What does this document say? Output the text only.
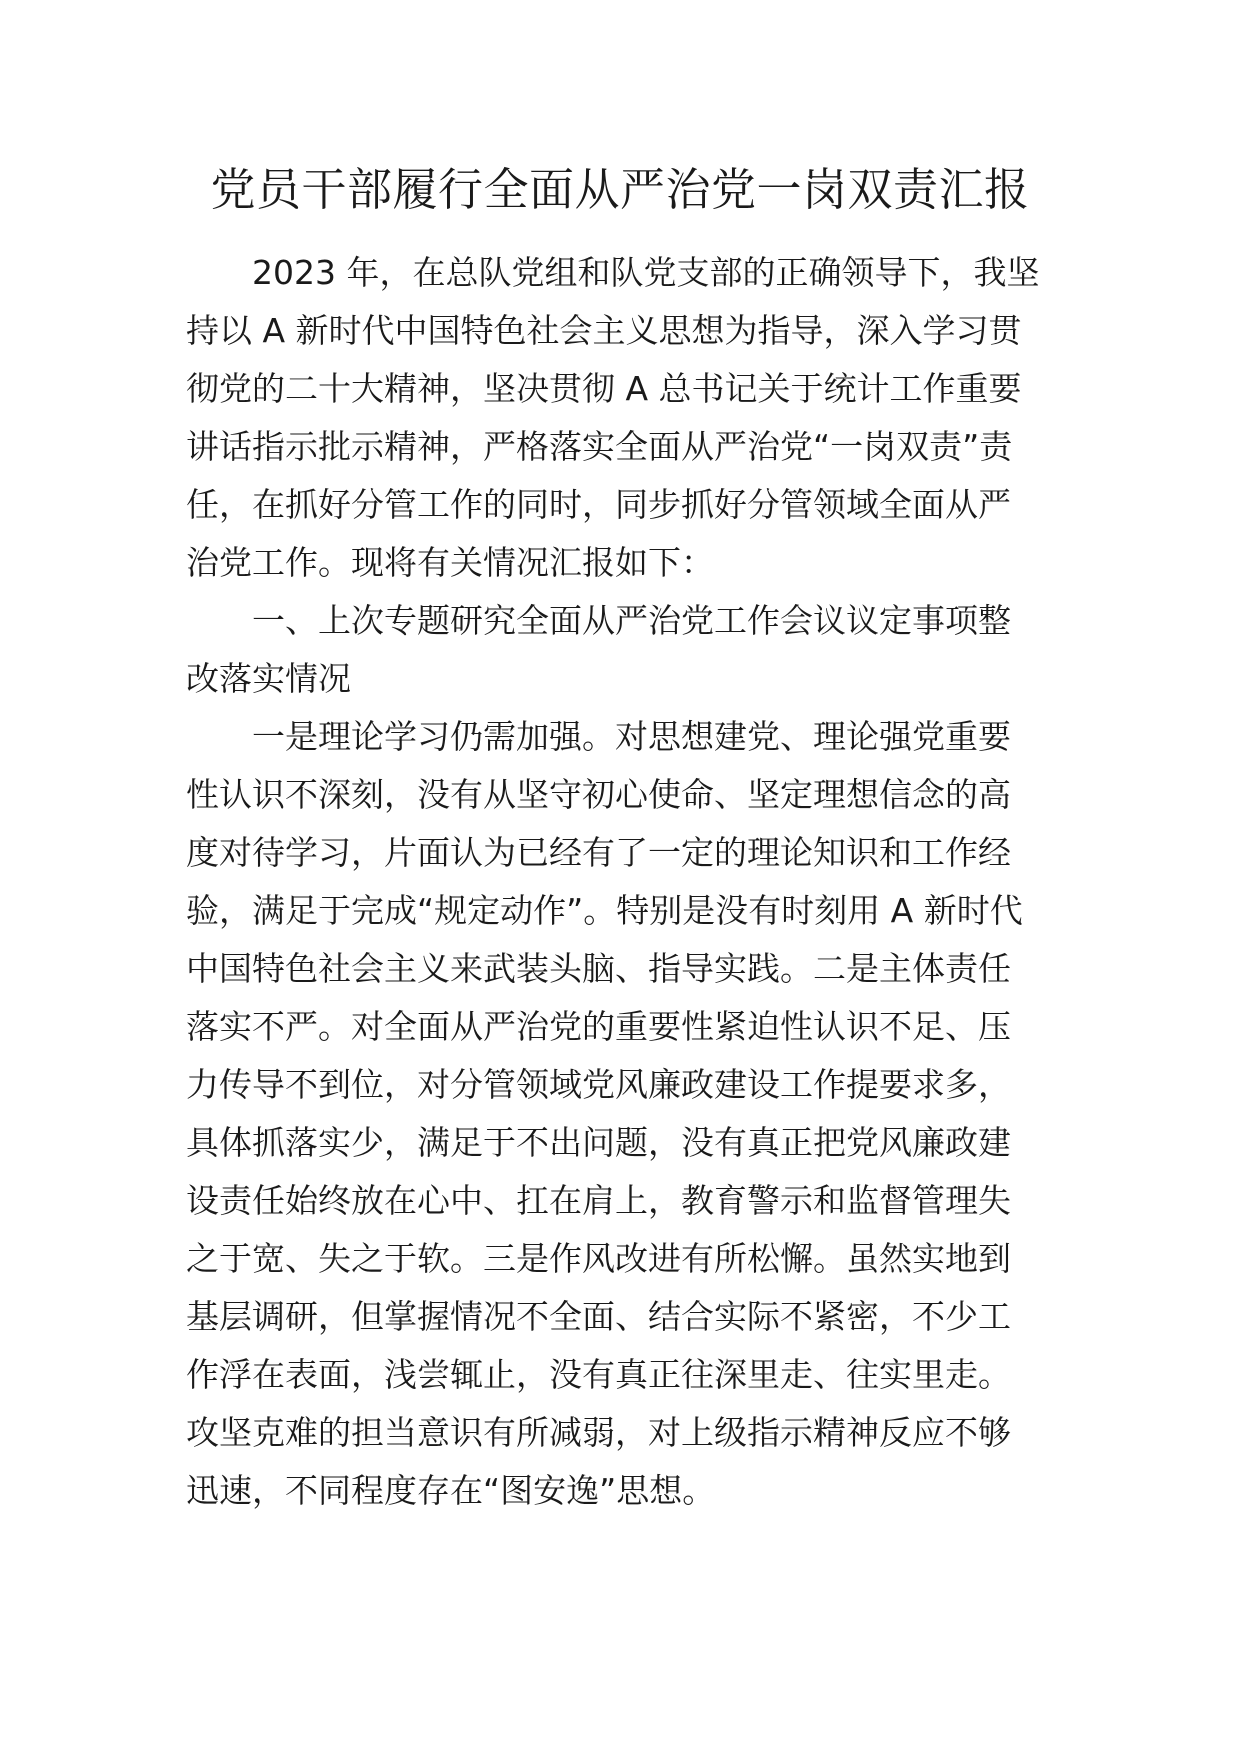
党员干部履行全面从严治党一岗双责汇报
2023 年，在总队党组和队党支部的正确领导下，我坚
持以 A 新时代中国特色社会主义思想为指导，深入学习贯
彻党的二十大精神，坚决贯彻 A 总书记关于统计工作重要
讲话指示批示精神，严格落实全面从严治党“一岗双责”责
任，在抓好分管工作的同时，同步抓好分管领域全面从严
治党工作。现将有关情况汇报如下：
一、上次专题研究全面从严治党工作会议议定事项整
改落实情况
一是理论学习仍需加强。对思想建党、理论强党重要
性认识不深刻，没有从坚守初心使命、坚定理想信念的高
度对待学习，片面认为已经有了一定的理论知识和工作经
验，满足于完成“规定动作”。特别是没有时刻用 A 新时代
中国特色社会主义来武装头脑、指导实践。二是主体责任
落实不严。对全面从严治党的重要性紧迫性认识不足、压
力传导不到位，对分管领域党风廉政建设工作提要求多，
具体抓落实少，满足于不出问题，没有真正把党风廉政建
设责任始终放在心中、扛在肩上，教育警示和监督管理失
之于宽、失之于软。三是作风改进有所松懈。虽然实地到
基层调研，但掌握情况不全面、结合实际不紧密，不少工
作浮在表面，浅尝辄止，没有真正往深里走、往实里走。
攻坚克难的担当意识有所减弱，对上级指示精神反应不够
迅速，不同程度存在“图安逸”思想。
